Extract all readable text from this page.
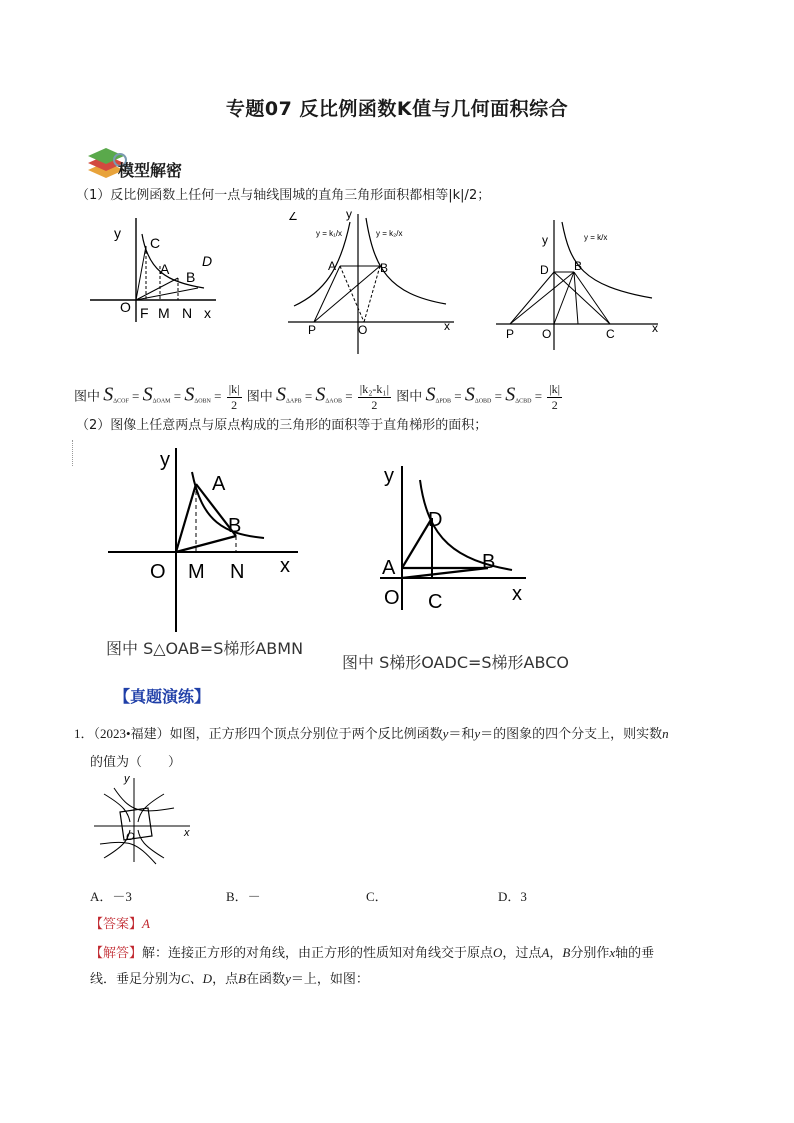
专题07 反比例函数K值与几何面积综合
模型解密
（1）反比例函数上任何一点与轴线围城的直角三角形面积都相等|k|/2；
y
C
A B
D
O F M N x
∠	y
y = k₁/x	y = k₂/x
A	B
P	O	x
y	y = k/x
D B
P O	C	x
图中 $S_{\Delta COF} = S_{\Delta OAM} = S_{\Delta OBN} = \frac{|k|}{2}$ 图中 $S_{\Delta APB} = S_{\Delta AOB} = \frac{\text{|k₂-k₁|}}{2}$ 图中 $S_{\Delta PDB} = S_{\Delta OBD} = S_{\Delta CBD} = \frac{|k|}{2}$
（2）图像上任意两点与原点构成的三角形的面积等于直角梯形的面积；
y
A
B
O M N x
图中 S△OAB=S梯形ABMN
y
D
A	B
O C	x
图中 S梯形OADC=S梯形ABCO
【真题演练】
1．（2023•福建）如图，正方形四个顶点分别位于两个反比例函数y＝和y＝的图象的四个分支上，则实数n
的值为（　　）
y
O	x
A．－3	B．－	C．	D．3
【答案】A
【解答】解：连接正方形的对角线，由正方形的性质知对角线交于原点O，过点A，B分别作x轴的垂
线．垂足分别为C、D，点B在函数y＝上，如图：
